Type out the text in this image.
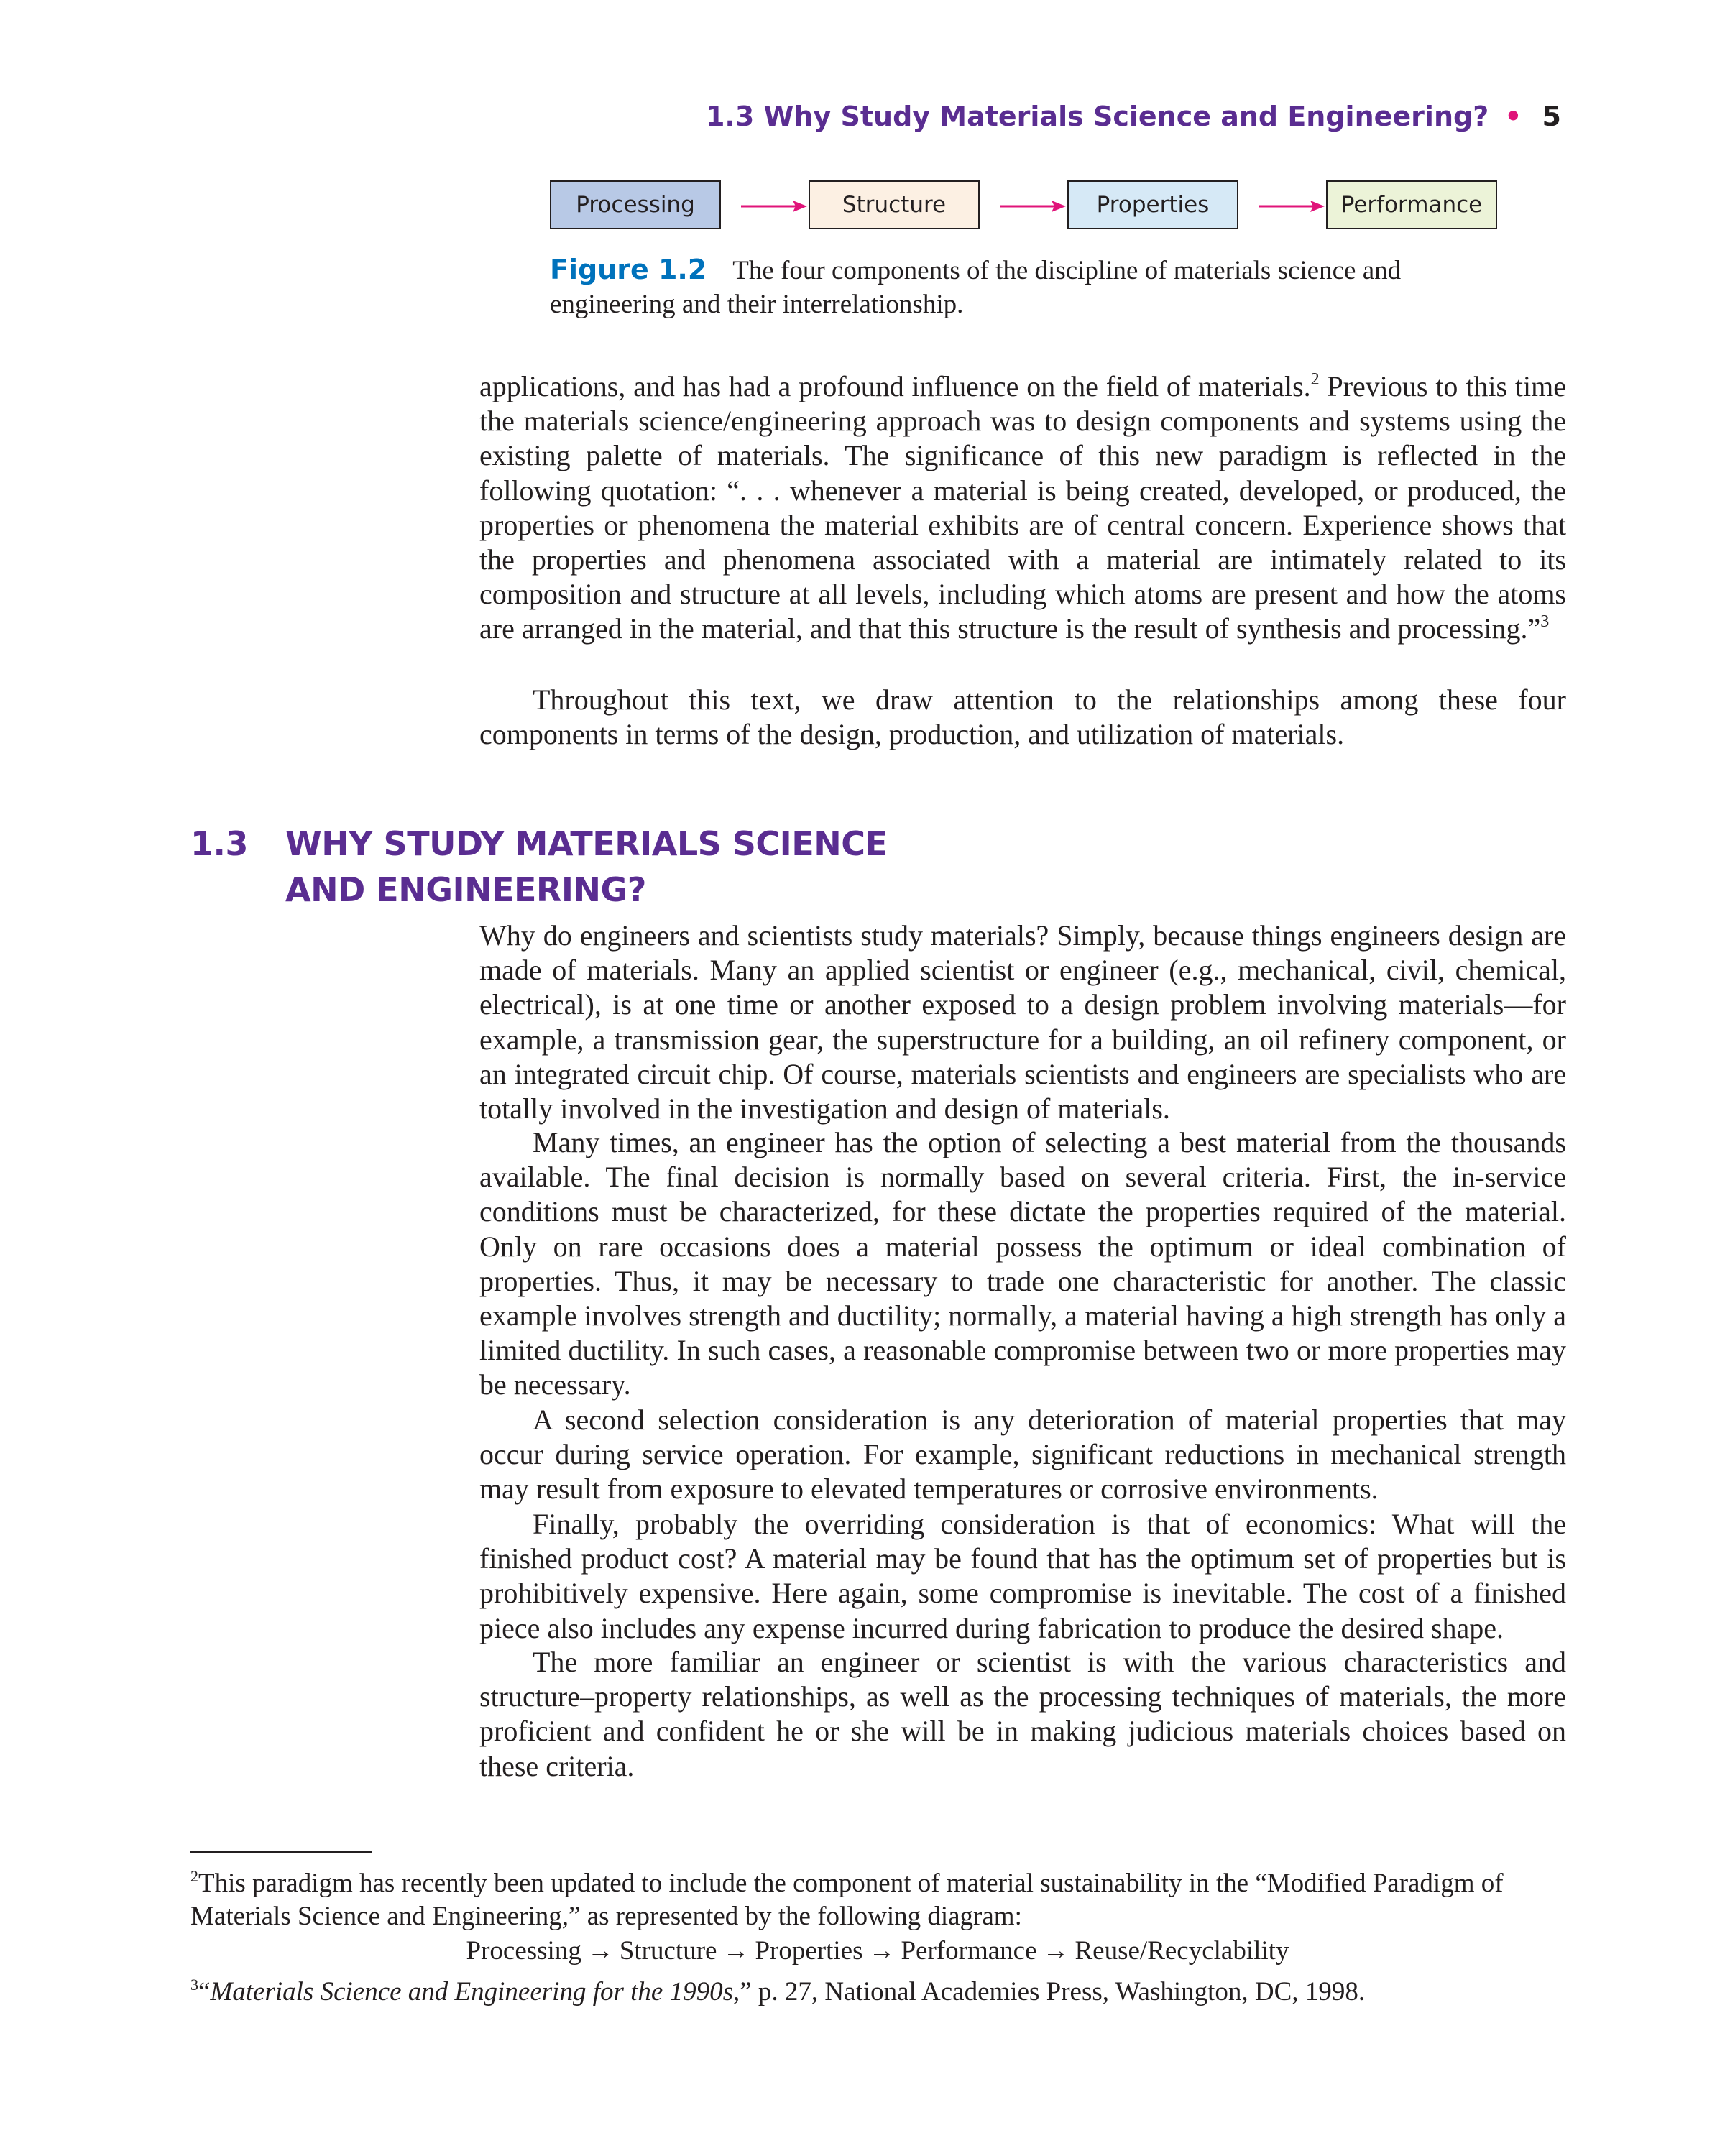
1.3 Why Study Materials Science and Engineering? • 5
Processing	Structure	Properties	Performance
Figure 1.2 The four components of the discipline of materials science and engineering and their interrelationship.

applications, and has had a profound influence on the field of materials.$^2$ Previous to this time the materials science/engineering approach was to design components and systems using the existing palette of materials. The significance of this new paradigm is reflected in the following quotation: “. . . whenever a material is being created, developed, or produced, the properties or phenomena the material exhibits are of central concern. Experience shows that the properties and phenomena associated with a material are intimately related to its composition and structure at all levels, including which atoms are present and how the atoms are arranged in the material, and that this structure is the result of synthesis and processing.”$^3$

Throughout this text, we draw attention to the relationships among these four components in terms of the design, production, and utilization of materials.

1.3 WHY STUDY MATERIALS SCIENCE
AND ENGINEERING?

Why do engineers and scientists study materials? Simply, because things engineers design are made of materials. Many an applied scientist or engineer (e.g., mechanical, civil, chemical, electrical), is at one time or another exposed to a design problem involving materials—for example, a transmission gear, the superstructure for a building, an oil refinery component, or an integrated circuit chip. Of course, materials scientists and engineers are specialists who are totally involved in the investigation and design of materials.

Many times, an engineer has the option of selecting a best material from the thousands available. The final decision is normally based on several criteria. First, the in-service conditions must be characterized, for these dictate the properties required of the material. Only on rare occasions does a material possess the optimum or ideal combination of properties. Thus, it may be necessary to trade one characteristic for another. The classic example involves strength and ductility; normally, a material having a high strength has only a limited ductility. In such cases, a reasonable compromise between two or more properties may be necessary.

A second selection consideration is any deterioration of material properties that may occur during service operation. For example, significant reductions in mechanical strength may result from exposure to elevated temperatures or corrosive environments.

Finally, probably the overriding consideration is that of economics: What will the finished product cost? A material may be found that has the optimum set of properties but is prohibitively expensive. Here again, some compromise is inevitable. The cost of a finished piece also includes any expense incurred during fabrication to produce the desired shape.

The more familiar an engineer or scientist is with the various characteristics and structure–property relationships, as well as the processing techniques of materials, the more proficient and confident he or she will be in making judicious materials choices based on these criteria.

$^2$This paradigm has recently been updated to include the component of material sustainability in the “Modified Paradigm of Materials Science and Engineering,” as represented by the following diagram:

Processing → Structure → Properties → Performance → Reuse/Recyclability

$^3$“Materials Science and Engineering for the 1990s,” p. 27, National Academies Press, Washington, DC, 1998.
